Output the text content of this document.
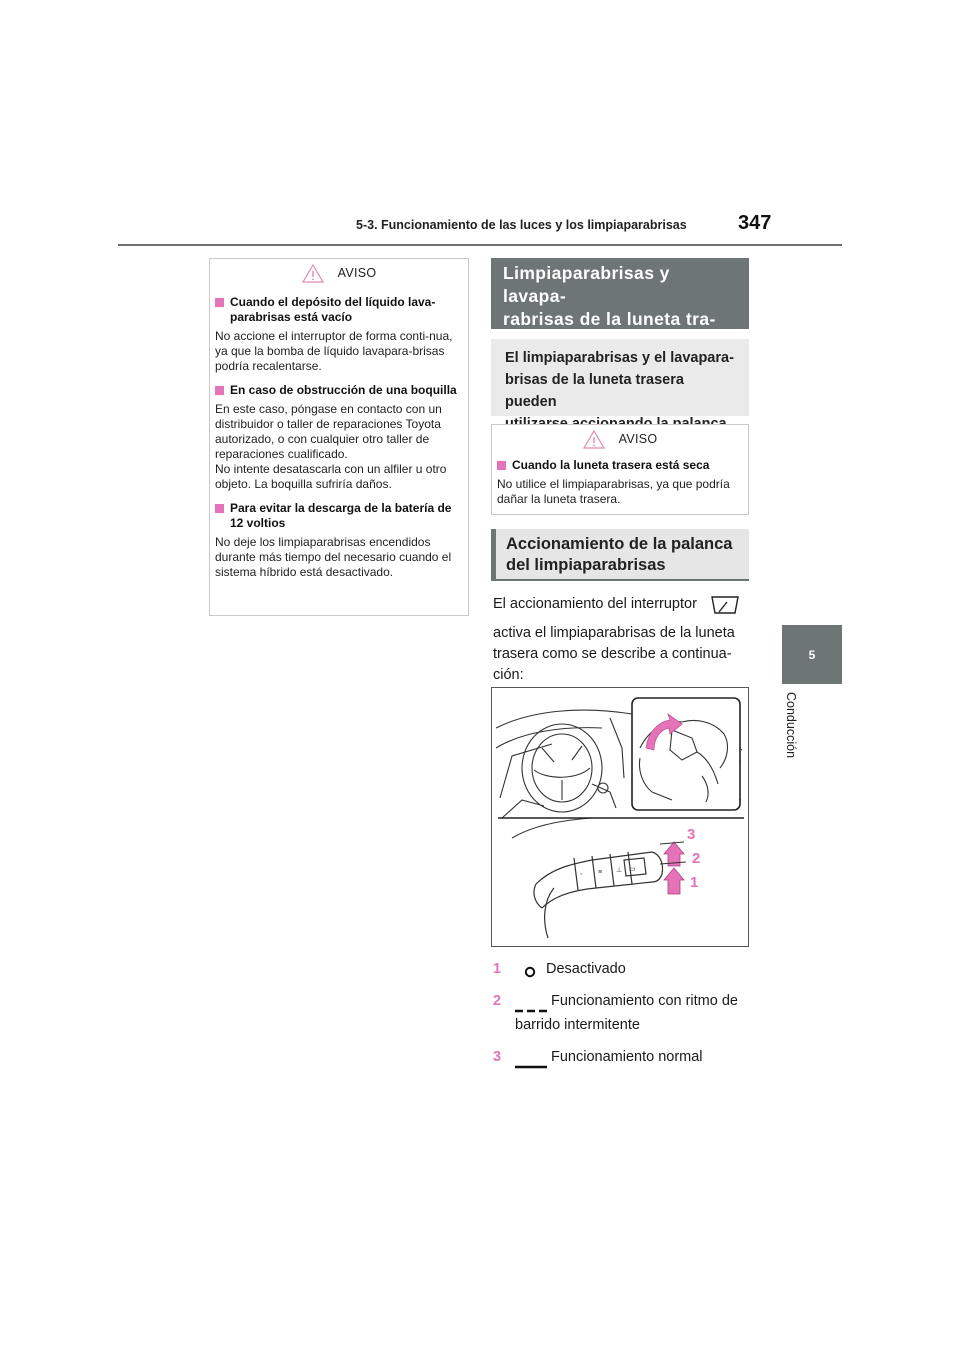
5-3. Funcionamiento de las luces y los limpiaparabrisas	347
5
Conducción
AVISO
Cuando el depósito del líquido lava-parabrisas está vacío
No accione el interruptor de forma conti-nua, ya que la bomba de líquido lavapara-brisas podría recalentarse.
En caso de obstrucción de una boquilla
En este caso, póngase en contacto con un distribuidor o taller de reparaciones Toyota autorizado, o con cualquier otro taller de reparaciones cualificado.
No intente desatascarla con un alfiler u otro objeto. La boquilla sufriría daños.
Para evitar la descarga de la batería de 12 voltios
No deje los limpiaparabrisas encendidos durante más tiempo del necesario cuando el sistema híbrido está desactivado.
Limpiaparabrisas y lavapa-
rabrisas de la luneta tra-
El limpiaparabrisas y el lavapara-
brisas de la luneta trasera pueden
AVISO
Cuando la luneta trasera está seca
No utilice el limpiaparabrisas, ya que podría dañar la luneta trasera.
Accionamiento de la palanca
del limpiaparabrisas
El accionamiento del interruptor
activa el limpiaparabrisas de la luneta
trasera como se describe a continua-
ción:
◦ ≡ ⊥ ▭
3
2
1
1	Desactivado
2	Funcionamiento con ritmo de
barrido intermitente
3	Funcionamiento normal
